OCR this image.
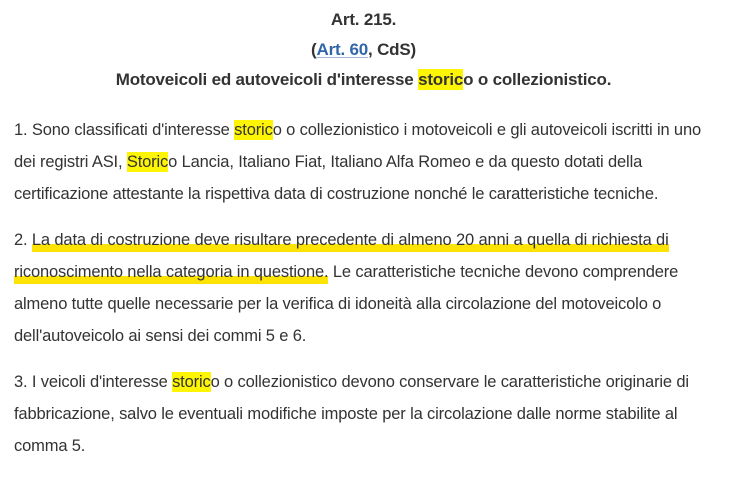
Art. 215.
(Art. 60, CdS)
Motoveicoli ed autoveicoli d'interesse storico o collezionistico.

1. Sono classificati d'interesse storico o collezionistico i motoveicoli e gli autoveicoli iscritti in uno dei registri ASI, Storico Lancia, Italiano Fiat, Italiano Alfa Romeo e da questo dotati della certificazione attestante la rispettiva data di costruzione nonché le caratteristiche tecniche.

2. La data di costruzione deve risultare precedente di almeno 20 anni a quella di richiesta di riconoscimento nella categoria in questione. Le caratteristiche tecniche devono comprendere almeno tutte quelle necessarie per la verifica di idoneità alla circolazione del motoveicolo o dell'autoveicolo ai sensi dei commi 5 e 6.

3. I veicoli d'interesse storico o collezionistico devono conservare le caratteristiche originarie di fabbricazione, salvo le eventuali modifiche imposte per la circolazione dalle norme stabilite al comma 5.
